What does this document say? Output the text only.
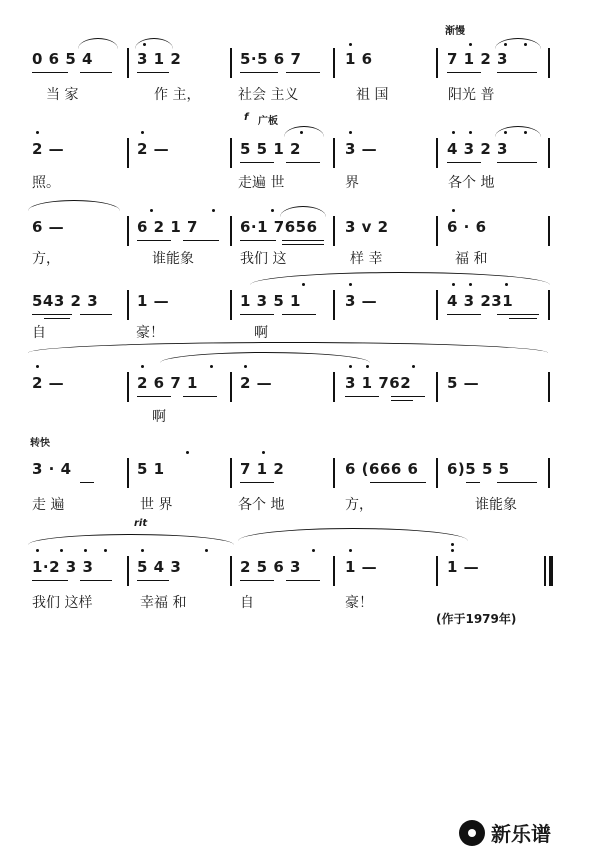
渐慢
f 广板
转快
rit
0 6 5 4	3 1 2	5·5 6 7	1 6	7 1 2 3
当 家	作 主，	社会 主义	祖 国	阳光 普
2 —	2 —	5 5 1 2	3 —	4 3 2 3
照。	走遍 世	界	各个 地
6 —	6 2 1 7	6·1 7656 3 v 2	6 · 6
方，	谁能象	我们 这	样 幸	福 和
543 2 3	1 —	1 3 5 1	3 —	4 3 231
自	豪！	啊
2 —	2 6 7 1	2 —	3 1 762 5 —
啊
3 · 4	5 1	7 1 2	6 (666 6 6)5 5 5
走 遍	世 界	各个 地	方，	谁能象
1·2 3 3	5 4 3	2 5 6 3	1 —	1 —
我们 这样	幸福 和	自	豪！
(作于1979年)
新乐谱
